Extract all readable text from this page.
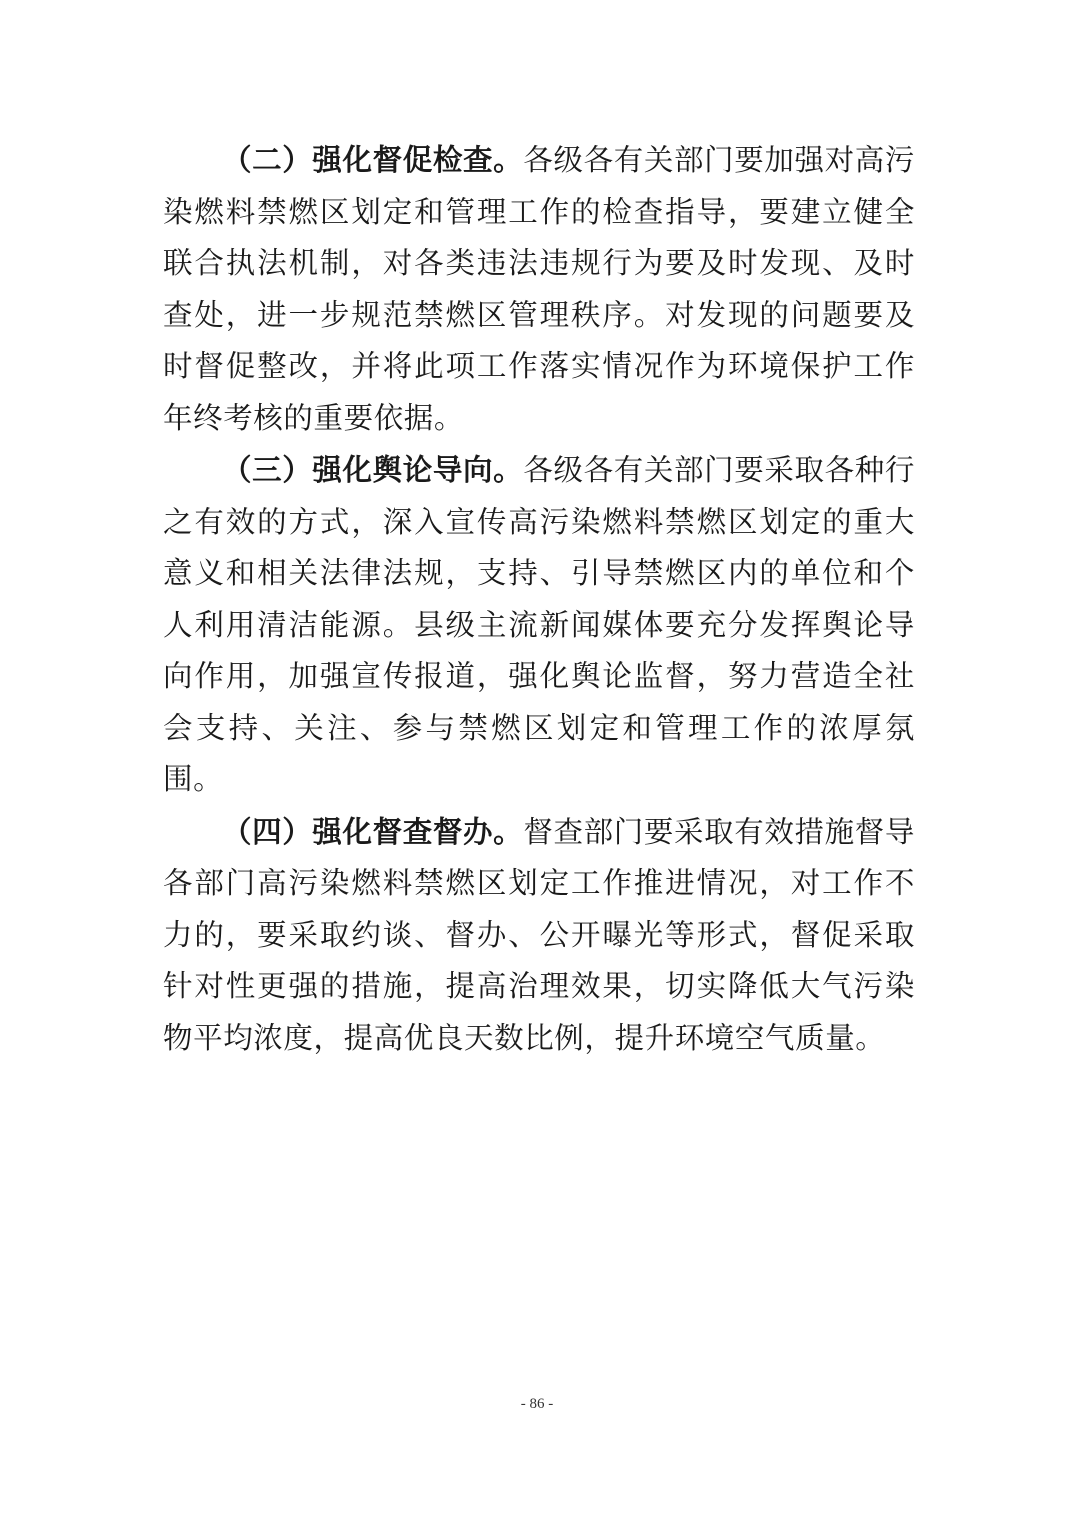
（二）强化督促检查。各级各有关部门要加强对高污染燃料禁燃区划定和管理工作的检查指导，要建立健全联合执法机制，对各类违法违规行为要及时发现、及时查处，进一步规范禁燃区管理秩序。对发现的问题要及时督促整改，并将此项工作落实情况作为环境保护工作年终考核的重要依据。

（三）强化舆论导向。各级各有关部门要采取各种行之有效的方式，深入宣传高污染燃料禁燃区划定的重大意义和相关法律法规，支持、引导禁燃区内的单位和个人利用清洁能源。县级主流新闻媒体要充分发挥舆论导向作用，加强宣传报道，强化舆论监督，努力营造全社会支持、关注、参与禁燃区划定和管理工作的浓厚氛围。

（四）强化督查督办。督查部门要采取有效措施督导各部门高污染燃料禁燃区划定工作推进情况，对工作不力的，要采取约谈、督办、公开曝光等形式，督促采取针对性更强的措施，提高治理效果，切实降低大气污染物平均浓度，提高优良天数比例，提升环境空气质量。

- 86 -
